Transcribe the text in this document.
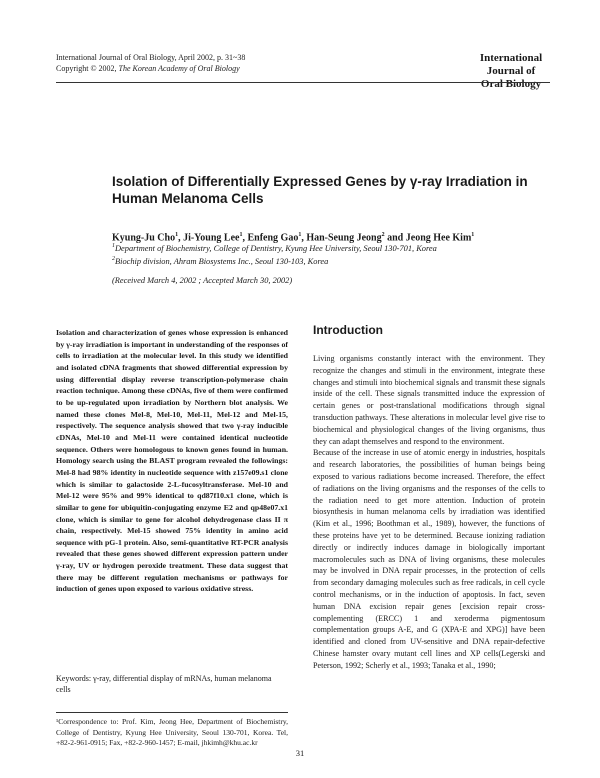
International Journal of Oral Biology, April 2002, p. 31~38
Copyright © 2002, The Korean Academy of Oral Biology
International
Journal of
Oral Biology
Isolation of Differentially Expressed Genes by γ-ray Irradiation in Human Melanoma Cells
Kyung-Ju Cho$^1$, Ji-Young Lee$^1$, Enfeng Gao$^1$, Han-Seung Jeong$^2$ and Jeong Hee Kim$^1$
$^1$Department of Biochemistry, College of Dentistry, Kyung Hee University, Seoul 130-701, Korea
$^2$Biochip division, Ahram Biosystems Inc., Seoul 130-103, Korea
(Received March 4, 2002 ; Accepted March 30, 2002)

Isolation and characterization of genes whose expression is enhanced by γ-ray irradiation is important in understanding of the responses of cells to irradiation at the molecular level. In this study we identified and isolated cDNA fragments that showed differential expression by using differential display reverse transcription-polymerase chain reaction technique. Among these cDNAs, five of them were confirmed to be up-regulated upon irradiation by Northern blot analysis. We named these clones Mel-8, Mel-10, Mel-11, Mel-12 and Mel-15, respectively. The sequence analysis showed that two γ-ray inducible cDNAs, Mel-10 and Mel-11 were contained identical nucleotide sequence. Others were homologous to known genes found in human. Homology search using the BLAST program revealed the followings: Mel-8 had 98% identity in nucleotide sequence with z157e09.s1 clone which is similar to galactoside 2-L-fucosyltransferase. Mel-10 and Mel-12 were 95% and 99% identical to qd87f10.x1 clone, which is similar to gene for ubiquitin-conjugating enzyme E2 and qp48e07.x1 clone, which is similar to gene for alcohol dehydrogenase class II π chain, respectively. Mel-15 showed 75% identity in amino acid sequence with pG-1 protein. Also, semi-quantitative RT-PCR analysis revealed that these genes showed different expression pattern under γ-ray, UV or hydrogen peroxide treatment. These data suggest that there may be different regulation mechanisms or pathways for induction of genes upon exposed to various oxidative stress.

Keywords: γ-ray, differential display of mRNAs, human melanoma cells

¹Correspondence to: Prof. Kim, Jeong Hee, Department of Biochemistry, College of Dentistry, Kyung Hee University, Seoul 130-701, Korea. Tel, +82-2-961-0915; Fax, +82-2-960-1457; E-mail, jhkimh@khu.ac.kr

Introduction

Living organisms constantly interact with the environment. They recognize the changes and stimuli in the environment, integrate these changes and stimuli into biochemical signals and transmit these signals inside of the cell. These signals transmitted induce the expression of certain genes or post-translational modifications through signal transduction pathways. These alterations in molecular level give rise to biochemical and physiological changes of the living organisms, thus they can adapt themselves and respond to the environment.

Because of the increase in use of atomic energy in industries, hospitals and research laboratories, the possibilities of human beings being exposed to various radiations become increased. Therefore, the effect of radiations on the living organisms and the responses of the cells to the radiation need to get more attention. Induction of protein biosynthesis in human melanoma cells by irradiation was identified (Kim et al., 1996; Boothman et al., 1989), however, the functions of these proteins have yet to be determined. Because ionizing radiation directly or indirectly induces damage in biologically important macromolecules such as DNA of living organisms, these molecules may be involved in DNA repair processes, in the protection of cells from secondary damaging molecules such as free radicals, in cell cycle control mechanisms, or in the induction of apoptosis. In fact, seven human DNA excision repair genes [excision repair cross-complementing (ERCC) 1 and xeroderma pigmentosum complementation groups A-E, and G (XPA-E and XPG)] have been identified and cloned from UV-sensitive and DNA repair-defective Chinese hamster ovary mutant cell lines and XP cells(Legerski and Peterson, 1992; Scherly et al., 1993; Tanaka et al., 1990;

31
